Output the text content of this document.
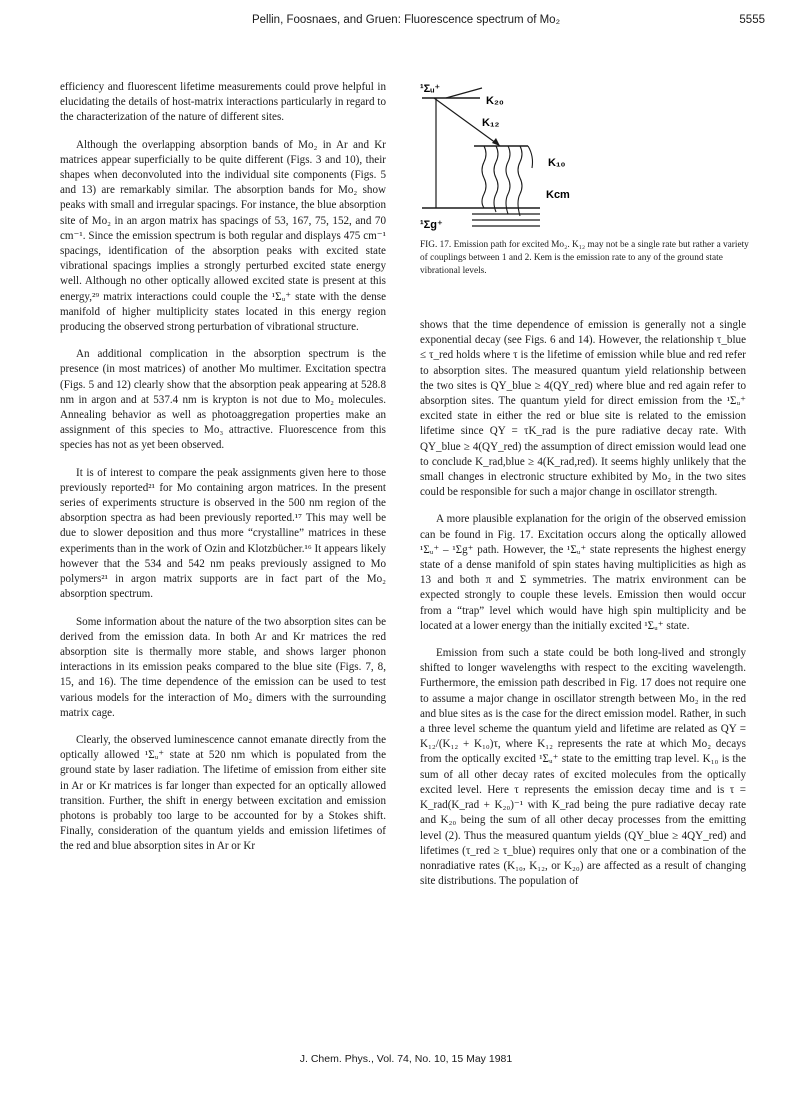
Pellin, Foosnaes, and Gruen: Fluorescence spectrum of Mo₂	5555

efficiency and fluorescent lifetime measurements could prove helpful in elucidating the details of host-matrix interactions particularly in regard to the characterization of the nature of different sites.

Although the overlapping absorption bands of Mo₂ in Ar and Kr matrices appear superficially to be quite different (Figs. 3 and 10), their shapes when deconvoluted into the individual site components (Figs. 5 and 13) are remarkably similar. The absorption bands for Mo₂ show peaks with small and irregular spacings. For instance, the blue absorption site of Mo₂ in an argon matrix has spacings of 53, 167, 75, 152, and 70 cm⁻¹. Since the emission spectrum is both regular and displays 475 cm⁻¹ spacings, identification of the absorption peaks with excited state vibrational spacings implies a strongly perturbed excited state energy well. Although no other optically allowed excited state is present at this energy,²⁹ matrix interactions could couple the ¹Σᵤ⁺ state with the dense manifold of higher multiplicity states located in this energy region producing the observed strong perturbation of vibrational structure.

An additional complication in the absorption spectrum is the presence (in most matrices) of another Mo multimer. Excitation spectra (Figs. 5 and 12) clearly show that the absorption peak appearing at 528.8 nm in argon and at 537.4 nm is krypton is not due to Mo₂ molecules. Annealing behavior as well as photoaggregation properties make an assignment of this species to Mo₃ attractive. Fluorescence from this species has not as yet been observed.

It is of interest to compare the peak assignments given here to those previously reported²¹ for Mo containing argon matrices. In the present series of experiments structure is observed in the 500 nm region of the absorption spectra as had been previously reported.¹⁷ This may well be due to slower deposition and thus more “crystalline” matrices in these experiments than in the work of Ozin and Klotzbücher.¹⁶ It appears likely however that the 534 and 542 nm peaks previously assigned to Mo polymers²¹ in argon matrix supports are in fact part of the Mo₂ absorption spectrum.

Some information about the nature of the two absorption sites can be derived from the emission data. In both Ar and Kr matrices the red absorption site is thermally more stable, and shows larger phonon interactions in its emission peaks compared to the blue site (Figs. 7, 8, 15, and 16). The time dependence of the emission can be used to test various models for the interaction of Mo₂ dimers with the surrounding matrix cage.

Clearly, the observed luminescence cannot emanate directly from the optically allowed ¹Σᵤ⁺ state at 520 nm which is populated from the ground state by laser radiation. The lifetime of emission from either site in Ar or Kr matrices is far longer than expected for an optically allowed transition. Further, the shift in energy between excitation and emission photons is probably too large to be accounted for by a Stokes shift. Finally, consideration of the quantum yields and emission lifetimes of the red and blue absorption sites in Ar or Kr

¹Σᵤ⁺
K₂₀
K₁₂
K₁₀
Kcm
¹Σg⁺
FIG. 17. Emission path for excited Mo₂. K₁₂ may not be a single rate but rather a variety of couplings between 1 and 2. Kem is the emission rate to any of the ground state vibrational levels.

shows that the time dependence of emission is generally not a single exponential decay (see Figs. 6 and 14). However, the relationship τ_blue ≤ τ_red holds where τ is the lifetime of emission while blue and red refer to absorption sites. The measured quantum yield relationship between the two sites is QY_blue ≥ 4(QY_red) where blue and red again refer to absorption sites. The quantum yield for direct emission from the ¹Σᵤ⁺ excited state in either the red or blue site is related to the emission lifetime since QY = τK_rad is the pure radiative decay rate. With QY_blue ≥ 4(QY_red) the assumption of direct emission would lead one to conclude K_rad,blue ≥ 4(K_rad,red). It seems highly unlikely that the small changes in electronic structure exhibited by Mo₂ in the two sites could be responsible for such a major change in oscillator strength.

A more plausible explanation for the origin of the observed emission can be found in Fig. 17. Excitation occurs along the optically allowed ¹Σᵤ⁺ – ¹Σg⁺ path. However, the ¹Σᵤ⁺ state represents the highest energy state of a dense manifold of spin states having multiplicities as high as 13 and both π and Σ symmetries. The matrix environment can be expected strongly to couple these levels. Emission then would occur from a “trap” level which would have high spin multiplicity and be located at a lower energy than the initially excited ¹Σᵤ⁺ state.

Emission from such a state could be both long-lived and strongly shifted to longer wavelengths with respect to the exciting wavelength. Furthermore, the emission path described in Fig. 17 does not require one to assume a major change in oscillator strength between Mo₂ in the red and blue sites as is the case for the direct emission model. Rather, in such a three level scheme the quantum yield and lifetime are related as QY = K₁₂/(K₁₂ + K₁₀)τ, where K₁₂ represents the rate at which Mo₂ decays from the optically excited ¹Σᵤ⁺ state to the emitting trap level. K₁₀ is the sum of all other decay rates of excited molecules from the optically excited level. Here τ represents the emission decay time and is τ = K_rad(K_rad + K₂₀)⁻¹ with K_rad being the pure radiative decay rate and K₂₀ being the sum of all other decay processes from the emitting level (2). Thus the measured quantum yields (QY_blue ≥ 4QY_red) and lifetimes (τ_red ≥ τ_blue) requires only that one or a combination of the nonradiative rates (K₁₀, K₁₂, or K₂₀) are affected as a result of changing site distributions. The population of

J. Chem. Phys., Vol. 74, No. 10, 15 May 1981
